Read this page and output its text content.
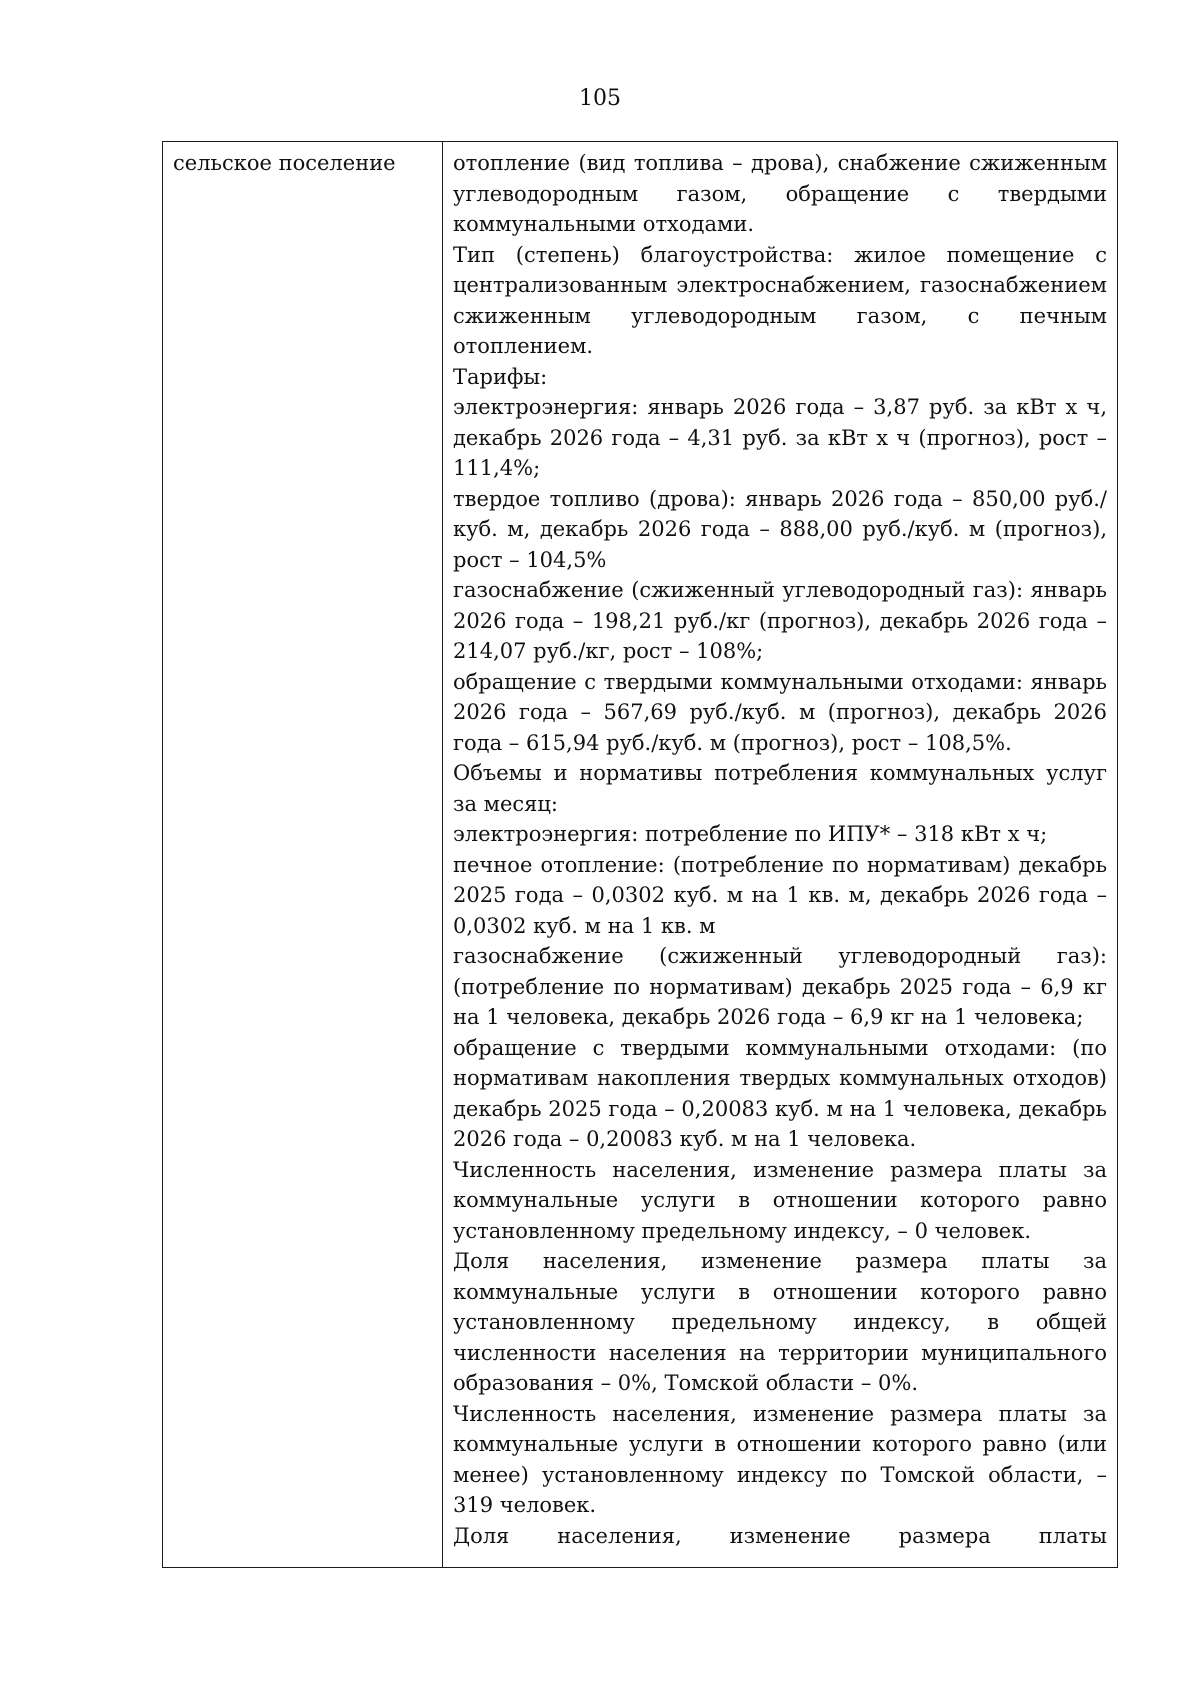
105
сельское поселение	отопление (вид топлива – дрова), снабжение сжиженным углеводородным газом, обращение с твердыми коммунальными отходами.

Тип (степень) благоустройства: жилое помещение с централизованным электроснабжением, газоснабжением сжиженным углеводородным газом, с печным отоплением.

Тарифы:

электроэнергия: январь 2026 года – 3,87 руб. за кВт х ч, декабрь 2026 года – 4,31 руб. за кВт х ч (прогноз), рост – 111,4%;

твердое топливо (дрова): январь 2026 года – 850,00 руб./куб. м, декабрь 2026 года – 888,00 руб./куб. м (прогноз), рост – 104,5%

газоснабжение (сжиженный углеводородный газ): январь 2026 года – 198,21 руб./кг (прогноз), декабрь 2026 года – 214,07 руб./кг, рост – 108%;

обращение с твердыми коммунальными отходами: январь 2026 года – 567,69 руб./куб. м (прогноз), декабрь 2026 года – 615,94 руб./куб. м (прогноз), рост – 108,5%.

Объемы и нормативы потребления коммунальных услуг за месяц:

электроэнергия: потребление по ИПУ* – 318 кВт х ч;

печное отопление: (потребление по нормативам) декабрь 2025 года – 0,0302 куб. м на 1 кв. м, декабрь 2026 года – 0,0302 куб. м на 1 кв. м

газоснабжение (сжиженный углеводородный газ): (потребление по нормативам) декабрь 2025 года – 6,9 кг на 1 человека, декабрь 2026 года – 6,9 кг на 1 человека;

обращение с твердыми коммунальными отходами: (по нормативам накопления твердых коммунальных отходов) декабрь 2025 года – 0,20083 куб. м на 1 человека, декабрь 2026 года – 0,20083 куб. м на 1 человека.

Численность населения, изменение размера платы за коммунальные услуги в отношении которого равно установленному предельному индексу, – 0 человек.

Доля населения, изменение размера платы за коммунальные услуги в отношении которого равно установленному предельному индексу, в общей численности населения на территории муниципального образования – 0%, Томской области – 0%.

Численность населения, изменение размера платы за коммунальные услуги в отношении которого равно (или менее) установленному индексу по Томской области, – 319 человек.

Доля населения, изменение размера платы
